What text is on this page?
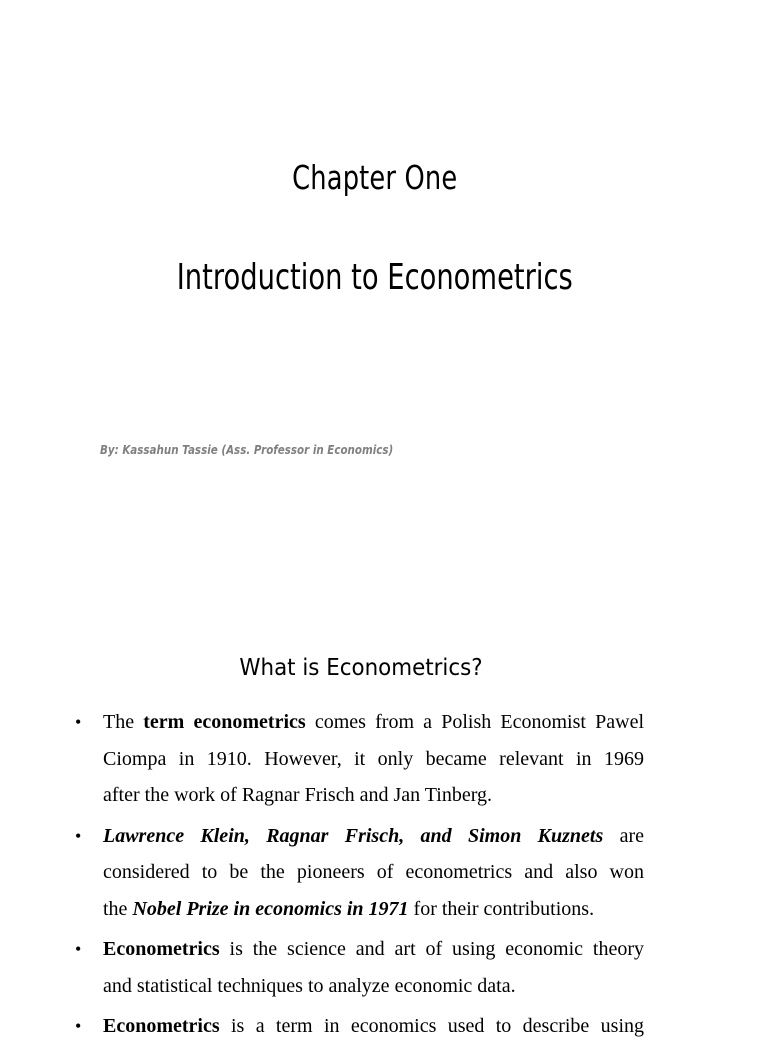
Chapter One
Introduction to Econometrics
By: Kassahun Tassie (Ass. Professor in Economics)
What is Econometrics?
• The term econometrics comes from a Polish Economist Pawel
Ciompa in 1910. However, it only became relevant in 1969
after the work of Ragnar Frisch and Jan Tinberg.
• Lawrence Klein, Ragnar Frisch, and Simon Kuznets are
considered to be the pioneers of econometrics and also won
the Nobel Prize in economics in 1971 for their contributions.
• Econometrics is the science and art of using economic theory
and statistical techniques to analyze economic data.
• Econometrics is a term in economics used to describe using
